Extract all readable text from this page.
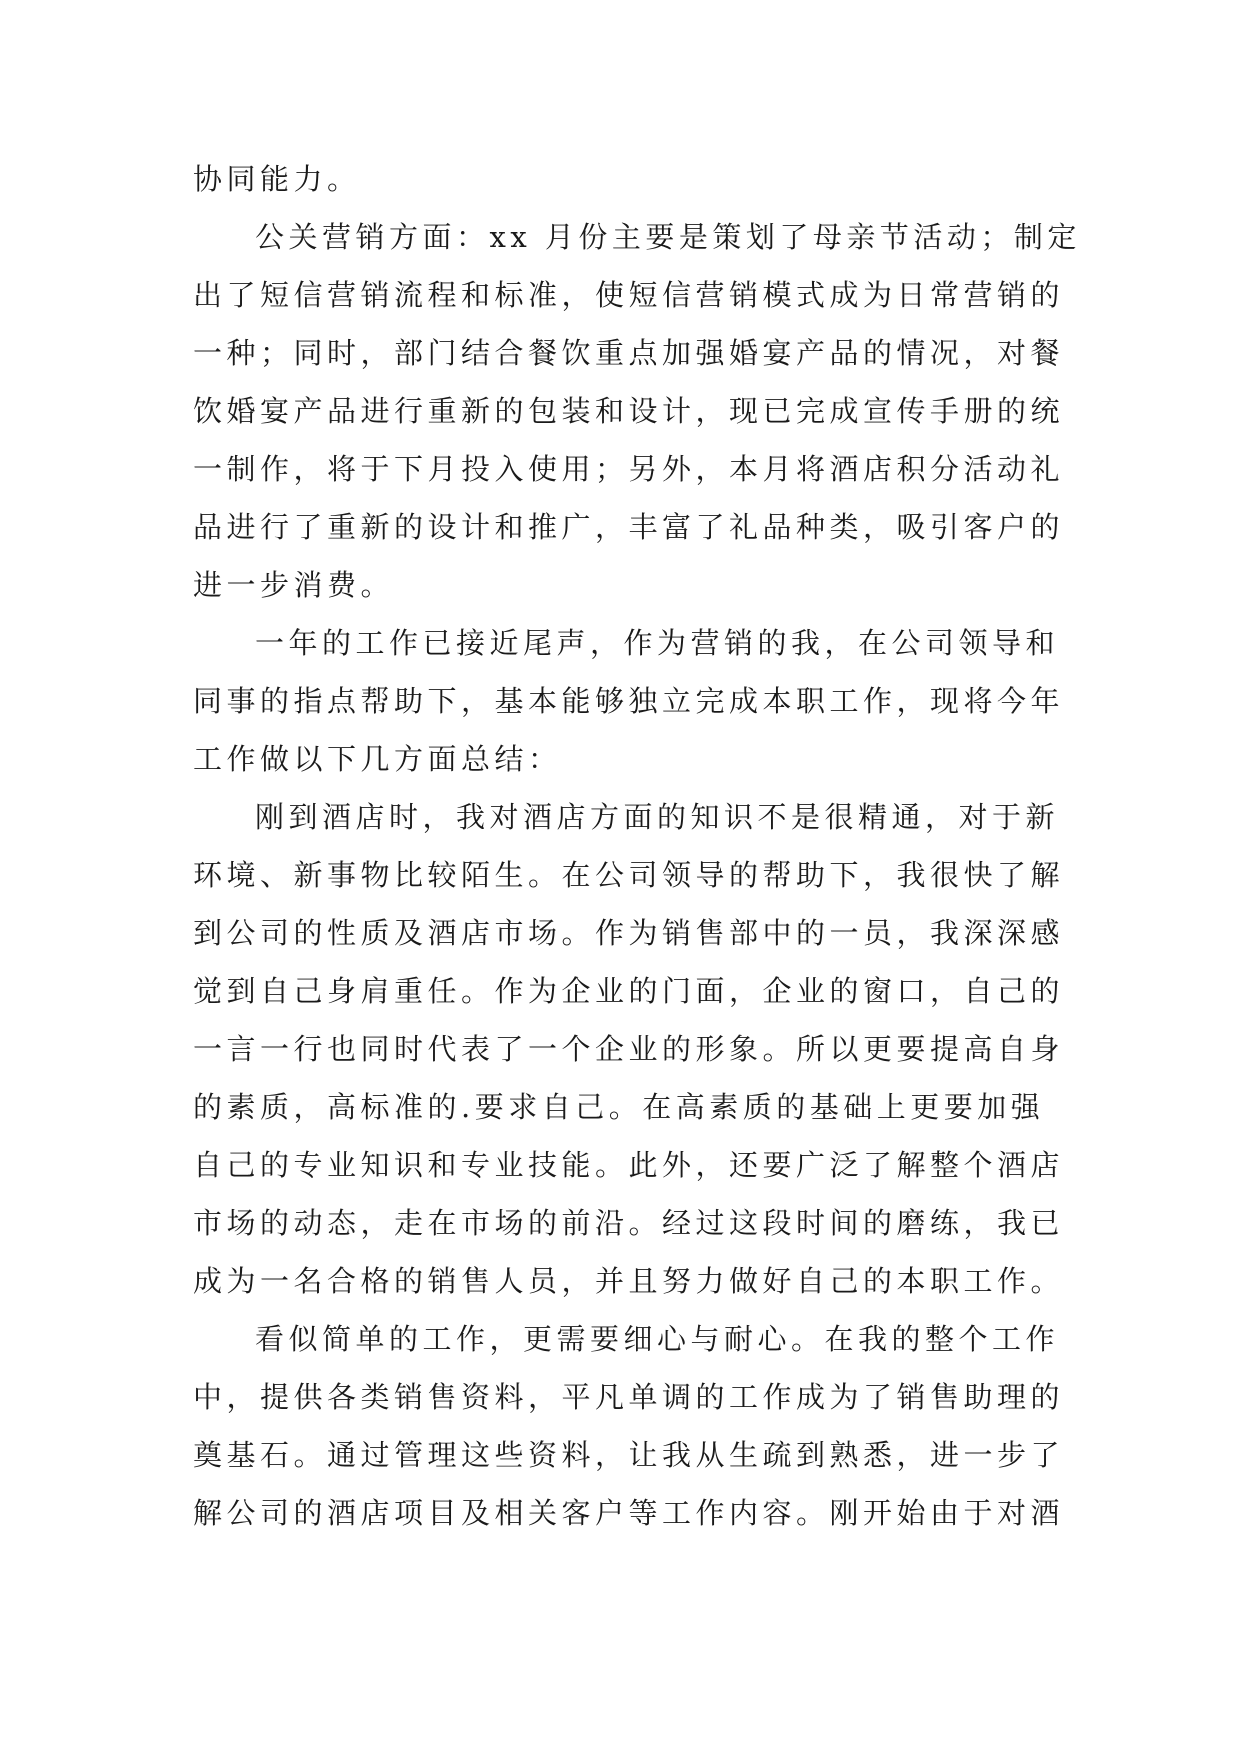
协同能力。
公关营销方面：xx 月份主要是策划了母亲节活动；制定
出了短信营销流程和标准，使短信营销模式成为日常营销的
一种；同时，部门结合餐饮重点加强婚宴产品的情况，对餐
饮婚宴产品进行重新的包装和设计，现已完成宣传手册的统
一制作，将于下月投入使用；另外，本月将酒店积分活动礼
品进行了重新的设计和推广，丰富了礼品种类，吸引客户的
进一步消费。
一年的工作已接近尾声，作为营销的我，在公司领导和
同事的指点帮助下，基本能够独立完成本职工作，现将今年
工作做以下几方面总结：
刚到酒店时，我对酒店方面的知识不是很精通，对于新
环境、新事物比较陌生。在公司领导的帮助下，我很快了解
到公司的性质及酒店市场。作为销售部中的一员，我深深感
觉到自己身肩重任。作为企业的门面，企业的窗口，自己的
一言一行也同时代表了一个企业的形象。所以更要提高自身
的素质，高标准的.要求自己。在高素质的基础上更要加强
自己的专业知识和专业技能。此外，还要广泛了解整个酒店
市场的动态，走在市场的前沿。经过这段时间的磨练，我已
成为一名合格的销售人员，并且努力做好自己的本职工作。
看似简单的工作，更需要细心与耐心。在我的整个工作
中，提供各类销售资料，平凡单调的工作成为了销售助理的
奠基石。通过管理这些资料，让我从生疏到熟悉，进一步了
解公司的酒店项目及相关客户等工作内容。刚开始由于对酒
